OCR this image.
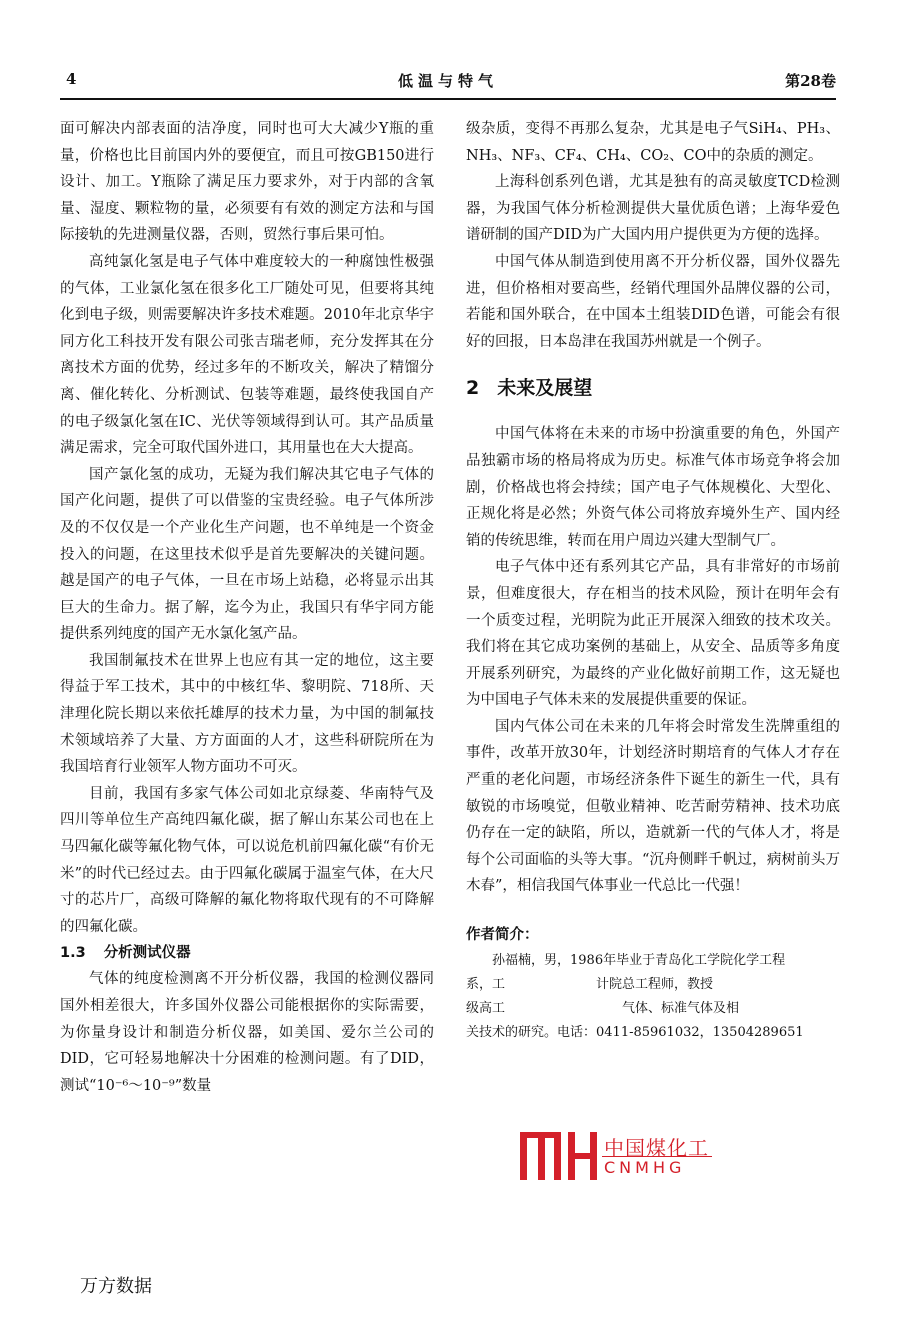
4	低温与特气	第28卷

面可解决内部表面的洁净度，同时也可大大减少Y瓶的重量，价格也比目前国内外的要便宜，而且可按GB150进行设计、加工。Y瓶除了满足压力要求外，对于内部的含氧量、湿度、颗粒物的量，必须要有有效的测定方法和与国际接轨的先进测量仪器，否则，贸然行事后果可怕。

高纯氯化氢是电子气体中难度较大的一种腐蚀性极强的气体，工业氯化氢在很多化工厂随处可见，但要将其纯化到电子级，则需要解决许多技术难题。2010年北京华宇同方化工科技开发有限公司张吉瑞老师，充分发挥其在分离技术方面的优势，经过多年的不断攻关，解决了精馏分离、催化转化、分析测试、包装等难题，最终使我国自产的电子级氯化氢在IC、光伏等领域得到认可。其产品质量满足需求，完全可取代国外进口，其用量也在大大提高。

国产氯化氢的成功，无疑为我们解决其它电子气体的国产化问题，提供了可以借鉴的宝贵经验。电子气体所涉及的不仅仅是一个产业化生产问题，也不单纯是一个资金投入的问题，在这里技术似乎是首先要解决的关键问题。越是国产的电子气体，一旦在市场上站稳，必将显示出其巨大的生命力。据了解，迄今为止，我国只有华宇同方能提供系列纯度的国产无水氯化氢产品。

我国制氟技术在世界上也应有其一定的地位，这主要得益于军工技术，其中的中核红华、黎明院、718所、天津理化院长期以来依托雄厚的技术力量，为中国的制氟技术领域培养了大量、方方面面的人才，这些科研院所在为我国培育行业领军人物方面功不可灭。

目前，我国有多家气体公司如北京绿菱、华南特气及四川等单位生产高纯四氟化碳，据了解山东某公司也在上马四氟化碳等氟化物气体，可以说危机前四氟化碳“有价无米”的时代已经过去。由于四氟化碳属于温室气体，在大尺寸的芯片厂，高级可降解的氟化物将取代现有的不可降解的四氟化碳。

1.3 分析测试仪器

气体的纯度检测离不开分析仪器，我国的检测仪器同国外相差很大，许多国外仪器公司能根据你的实际需要，为你量身设计和制造分析仪器，如美国、爱尔兰公司的DID，它可轻易地解决十分困难的检测问题。有了DID，测试“10⁻⁶～10⁻⁹”数量

级杂质，变得不再那么复杂，尤其是电子气SiH₄、PH₃、NH₃、NF₃、CF₄、CH₄、CO₂、CO中的杂质的测定。

上海科创系列色谱，尤其是独有的高灵敏度TCD检测器，为我国气体分析检测提供大量优质色谱；上海华爱色谱研制的国产DID为广大国内用户提供更为方便的选择。

中国气体从制造到使用离不开分析仪器，国外仪器先进，但价格相对要高些，经销代理国外品牌仪器的公司，若能和国外联合，在中国本土组装DID色谱，可能会有很好的回报，日本岛津在我国苏州就是一个例子。

2 未来及展望

中国气体将在未来的市场中扮演重要的角色，外国产品独霸市场的格局将成为历史。标准气体市场竞争将会加剧，价格战也将会持续；国产电子气体规模化、大型化、正规化将是必然；外资气体公司将放弃境外生产、国内经销的传统思维，转而在用户周边兴建大型制气厂。

电子气体中还有系列其它产品，具有非常好的市场前景，但难度很大，存在相当的技术风险，预计在明年会有一个质变过程，光明院为此正开展深入细致的技术攻关。我们将在其它成功案例的基础上，从安全、品质等多角度开展系列研究，为最终的产业化做好前期工作，这无疑也为中国电子气体未来的发展提供重要的保证。

国内气体公司在未来的几年将会时常发生洗牌重组的事件，改革开放30年，计划经济时期培育的气体人才存在严重的老化问题，市场经济条件下诞生的新生一代，具有敏锐的市场嗅觉，但敬业精神、吃苦耐劳精神、技术功底仍存在一定的缺陷，所以，造就新一代的气体人才，将是每个公司面临的头等大事。“沉舟侧畔千帆过，病树前头万木春”，相信我国气体事业一代总比一代强！

作者简介：
孙福楠，男，1986年毕业于青岛化工学院化学工程
系，工　　　　　　　计院总工程师，教授
级高工　　　　　　　　　气体、标准气体及相
关技术的研究。电话：0411-85961032，13504289651
中国煤化工
CNMHG
万方数据
